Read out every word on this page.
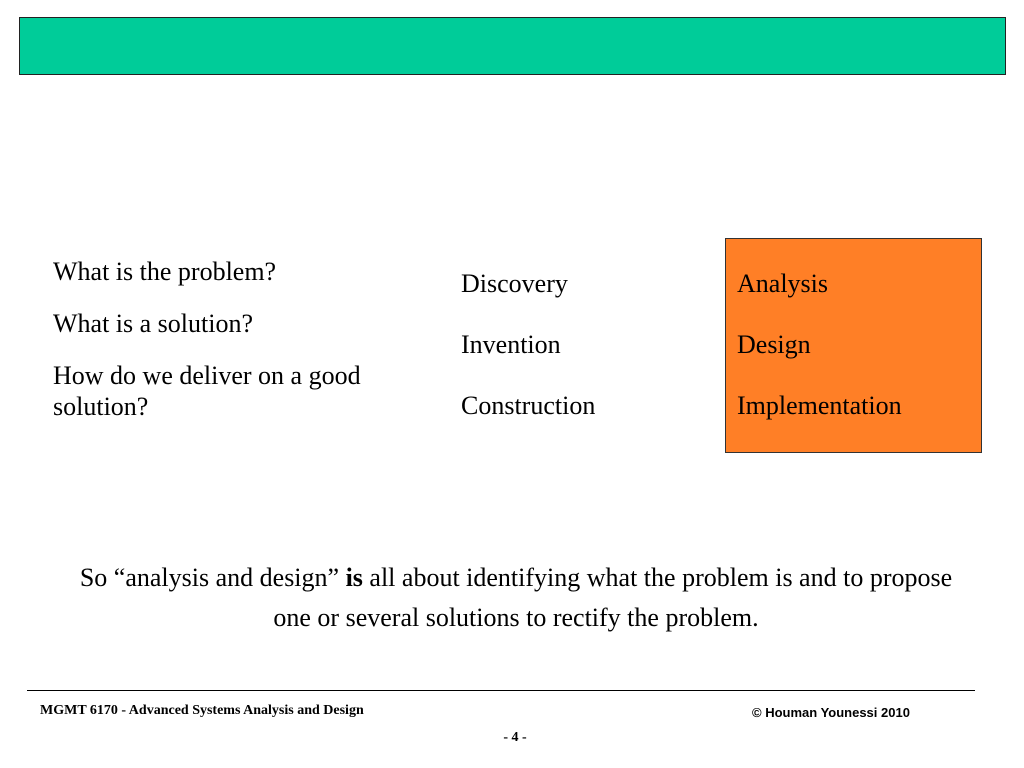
What is the problem?

What is a solution?

How do we deliver on a good solution?

Discovery

Invention

Construction

Analysis

Design

Implementation

So “analysis and design” is all about identifying what the problem is and to propose one or several solutions to rectify the problem.
MGMT 6170 - Advanced Systems Analysis and Design	© Houman Younessi 2010
- 4 -
